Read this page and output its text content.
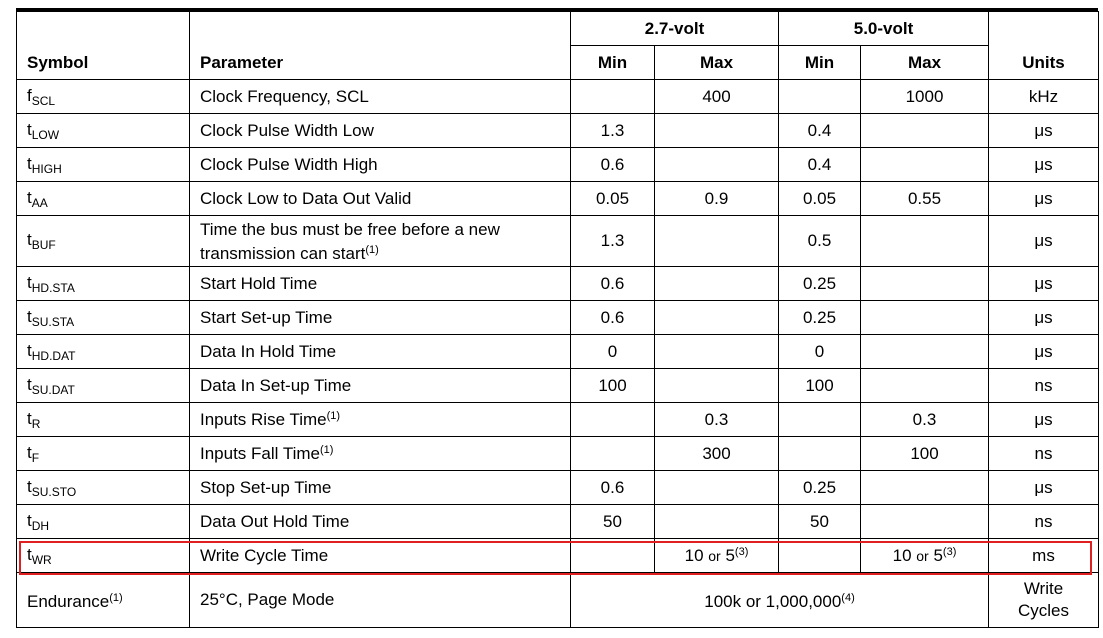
Symbol	Parameter	2.7-volt		5.0-volt		Units
		Min	Max	Min	Max	
$f_{SCL}$	Clock Frequency, SCL		400		1000	kHz
$t_{LOW}$	Clock Pulse Width Low	1.3		0.4		μs
$t_{HIGH}$	Clock Pulse Width High	0.6		0.4		μs
$t_{AA}$	Clock Low to Data Out Valid	0.05	0.9	0.05	0.55	μs
$t_{BUF}$	Time the bus must be free before a new
transmission can start$^{(1)}$	1.3		0.5		μs
$t_{HD.STA}$	Start Hold Time	0.6		0.25		μs
$t_{SU.STA}$	Start Set-up Time	0.6		0.25		μs
$t_{HD.DAT}$	Data In Hold Time	0		0		μs
$t_{SU.DAT}$	Data In Set-up Time	100		100		ns
$t_R$	Inputs Rise Time$^{(1)}$		0.3		0.3	μs
$t_F$	Inputs Fall Time$^{(1)}$		300		100	ns
$t_{SU.STO}$	Stop Set-up Time	0.6		0.25		μs
$t_{DH}$	Data Out Hold Time	50		50		ns
$t_{WR}$	Write Cycle Time		10 or 5$^{(3)}$		10 or 5$^{(3)}$	ms
Endurance$^{(1)}$	25°C, Page Mode	100k or 1,000,000$^{(4)}$				Write
Cycles
